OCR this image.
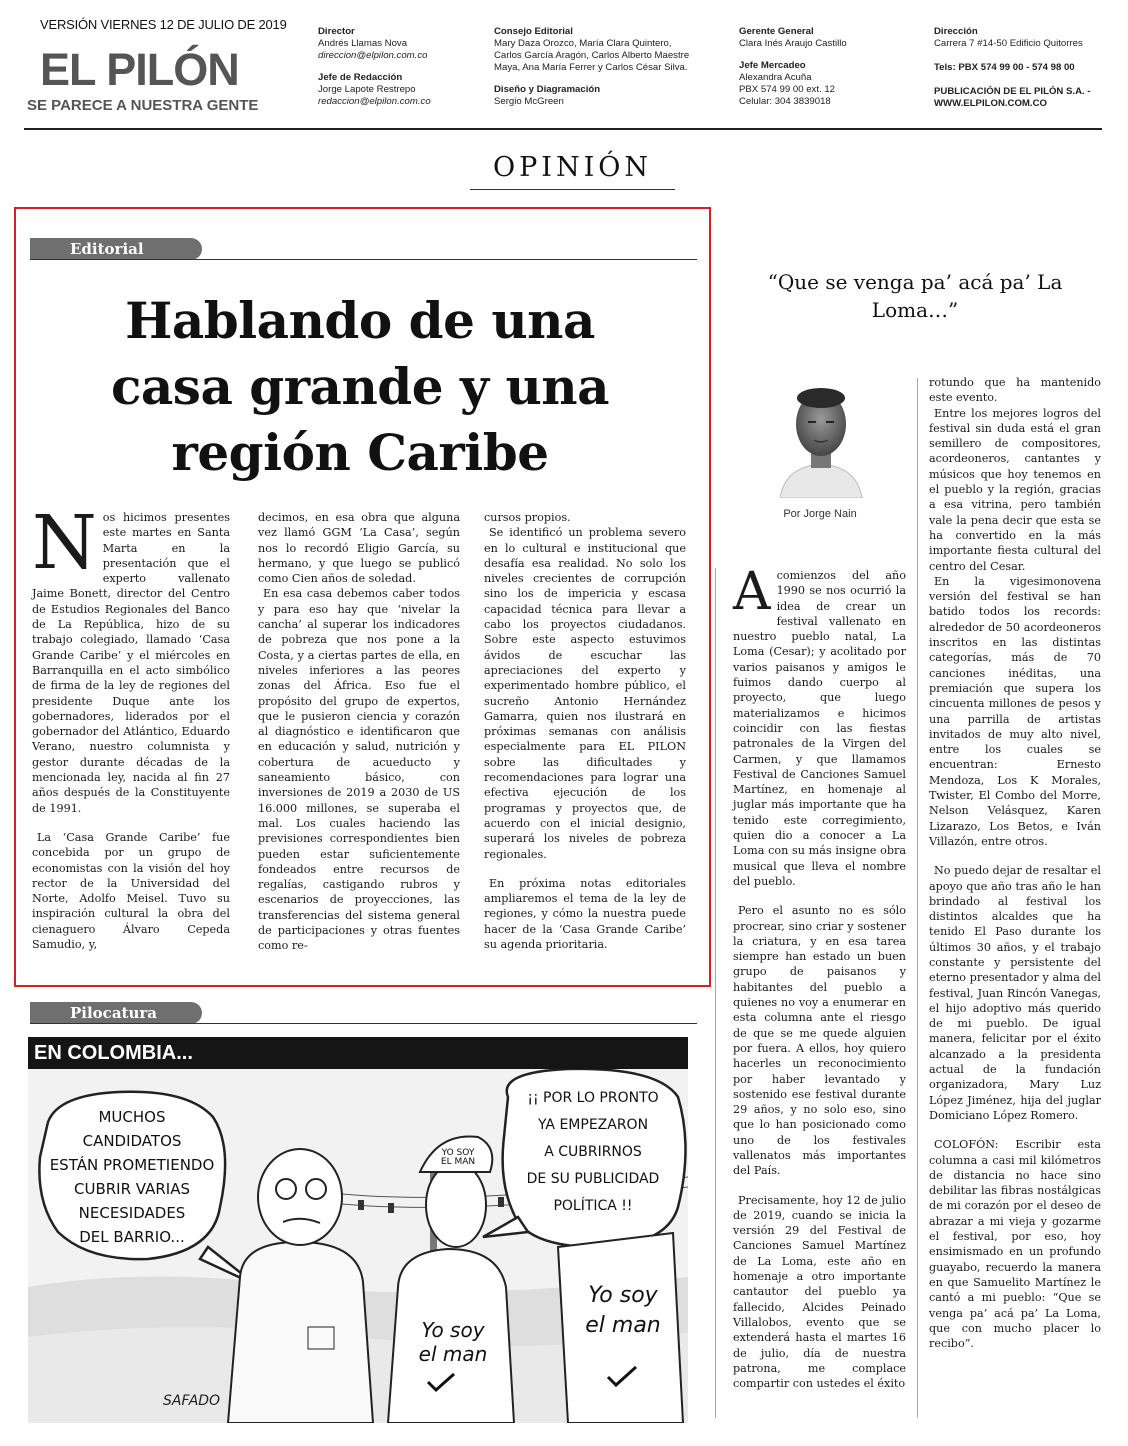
VERSIÓN VIERNES 12 DE JULIO DE 2019
EL PILÓN
SE PARECE A NUESTRA GENTE
Director
Andrés Llamas Nova
direccion@elpilon.com.co
Jefe de Redacción
Jorge Lapote Restrepo
redaccion@elpilon.com.co
Consejo Editorial
Mary Daza Orozco, María Clara Quintero,
Carlos García Aragón, Carlos Alberto Maestre
Maya, Ana María Ferrer y Carlos César Silva.
Diseño y Diagramación
Sergio McGreen
Gerente General
Clara Inés Araujo Castillo
Jefe Mercadeo
Alexandra Acuña
PBX 574 99 00 ext. 12
Celular: 304 3839018
Dirección
Carrera 7 #14-50 Edificio Quitorres
Tels: PBX 574 99 00 - 574 98 00
PUBLICACIÓN DE EL PILÓN S.A. -
WWW.ELPILON.COM.CO
OPINIÓN
Editorial
Hablando de una
casa grande y una
región Caribe

Nos hicimos presentes este martes en Santa Marta en la presentación que el experto vallenato Jaime Bonett, director del Centro de Estudios Regionales del Banco de La República, hizo de su trabajo colegiado, llamado ‘Casa Grande Caribe’ y el miércoles en Barranquilla en el acto simbólico de firma de la ley de regiones del presidente Duque ante los gobernadores, liderados por el gobernador del Atlántico, Eduardo Verano, nuestro columnista y gestor durante décadas de la mencionada ley, nacida al fin 27 años después de la Constituyente de 1991.

La ‘Casa Grande Caribe’ fue concebida por un grupo de economistas con la visión del hoy rector de la Universidad del Norte, Adolfo Meisel. Tuvo su inspiración cultural la obra del cienaguero Álvaro Cepeda Samudio, y,

decimos, en esa obra que alguna vez llamó GGM ‘La Casa’, según nos lo recordó Eligio García, su hermano, y que luego se publicó como Cien años de soledad.

En esa casa debemos caber todos y para eso hay que ‘nivelar la cancha’ al superar los indicadores de pobreza que nos pone a la Costa, y a ciertas partes de ella, en niveles inferiores a las peores zonas del África. Eso fue el propósito del grupo de expertos, que le pusieron ciencia y corazón al diagnóstico e identificaron que en educación y salud, nutrición y cobertura de acueducto y saneamiento básico, con inversiones de 2019 a 2030 de US 16.000 millones, se superaba el mal. Los cuales haciendo las previsiones correspondientes bien pueden estar suficientemente fondeados entre recursos de regalías, castigando rubros y escenarios de proyecciones, las transferencias del sistema general de participaciones y otras fuentes como re-

cursos propios.

Se identificó un problema severo en lo cultural e institucional que desafía esa realidad. No solo los niveles crecientes de corrupción sino los de impericia y escasa capacidad técnica para llevar a cabo los proyectos ciudadanos. Sobre este aspecto estuvimos ávidos de escuchar las apreciaciones del experto y experimentado hombre público, el sucreño Antonio Hernández Gamarra, quien nos ilustrará en próximas semanas con análisis especialmente para EL PILON sobre las dificultades y recomendaciones para lograr una efectiva ejecución de los programas y proyectos que, de acuerdo con el inicial designio, superará los niveles de pobreza regionales.

En próxima notas editoriales ampliaremos el tema de la ley de regiones, y cómo la nuestra puede hacer de la ‘Casa Grande Caribe’ su agenda prioritaria.

“Que se venga pa’ acá pa’ La Loma…”
Por Jorge Nain

Acomienzos del año 1990 se nos ocurrió la idea de crear un festival vallenato en nuestro pueblo natal, La Loma (Cesar); y acolitado por varios paisanos y amigos le fuimos dando cuerpo al proyecto, que luego materializamos e hicimos coincidir con las fiestas patronales de la Virgen del Carmen, y que llamamos Festival de Canciones Samuel Martínez, en homenaje al juglar más importante que ha tenido este corregimiento, quien dio a conocer a La Loma con su más insigne obra musical que lleva el nombre del pueblo.

Pero el asunto no es sólo procrear, sino criar y sostener la criatura, y en esa tarea siempre han estado un buen grupo de paisanos y habitantes del pueblo a quienes no voy a enumerar en esta columna ante el riesgo de que se me quede alguien por fuera. A ellos, hoy quiero hacerles un reconocimiento por haber levantado y sostenido ese festival durante 29 años, y no solo eso, sino que lo han posicionado como uno de los festivales vallenatos más importantes del País.

Precisamente, hoy 12 de julio de 2019, cuando se inicia la versión 29 del Festival de Canciones Samuel Martínez de La Loma, este año en homenaje a otro importante cantautor del pueblo ya fallecido, Alcides Peinado Villalobos, evento que se extenderá hasta el martes 16 de julio, día de nuestra patrona, me complace compartir con ustedes el éxito

rotundo que ha mantenido este evento.

Entre los mejores logros del festival sin duda está el gran semillero de compositores, acordeoneros, cantantes y músicos que hoy tenemos en el pueblo y la región, gracias a esa vitrina, pero también vale la pena decir que esta se ha convertido en la más importante fiesta cultural del centro del Cesar.

En la vigesimonovena versión del festival se han batido todos los records: alrededor de 50 acordeoneros inscritos en las distintas categorías, más de 70 canciones inéditas, una premiación que supera los cincuenta millones de pesos y una parrilla de artistas invitados de muy alto nivel, entre los cuales se encuentran: Ernesto Mendoza, Los K Morales, Twister, El Combo del Morre, Nelson Velásquez, Karen Lizarazo, Los Betos, e Iván Villazón, entre otros.

No puedo dejar de resaltar el apoyo que año tras año le han brindado al festival los distintos alcaldes que ha tenido El Paso durante los últimos 30 años, y el trabajo constante y persistente del eterno presentador y alma del festival, Juan Rincón Vanegas, el hijo adoptivo más querido de mi pueblo. De igual manera, felicitar por el éxito alcanzado a la presidenta actual de la fundación organizadora, Mary Luz López Jiménez, hija del juglar Domiciano López Romero.

COLOFÓN: Escribir esta columna a casi mil kilómetros de distancia no hace sino debilitar las fibras nostálgicas de mi corazón por el deseo de abrazar a mi vieja y gozarme el festival, por eso, hoy ensimismado en un profundo guayabo, recuerdo la manera en que Samuelito Martínez le cantó a mi pueblo: “Que se venga pa’ acá pa’ La Loma, que con mucho placer lo recibo”.

Pilocatura
MUCHOS CANDIDATOS ESTÁN PROMETIENDO CUBRIR VARIAS NECESIDADES DEL BARRIO...
¡¡ POR LO PRONTO YA EMPEZARON A CUBRIRNOS DE SU PUBLICIDAD POLÍTICA !!
YO SOY EL MAN
Yo soy el man
Yo soy el man
SAFADO
EN COLOMBIA...
